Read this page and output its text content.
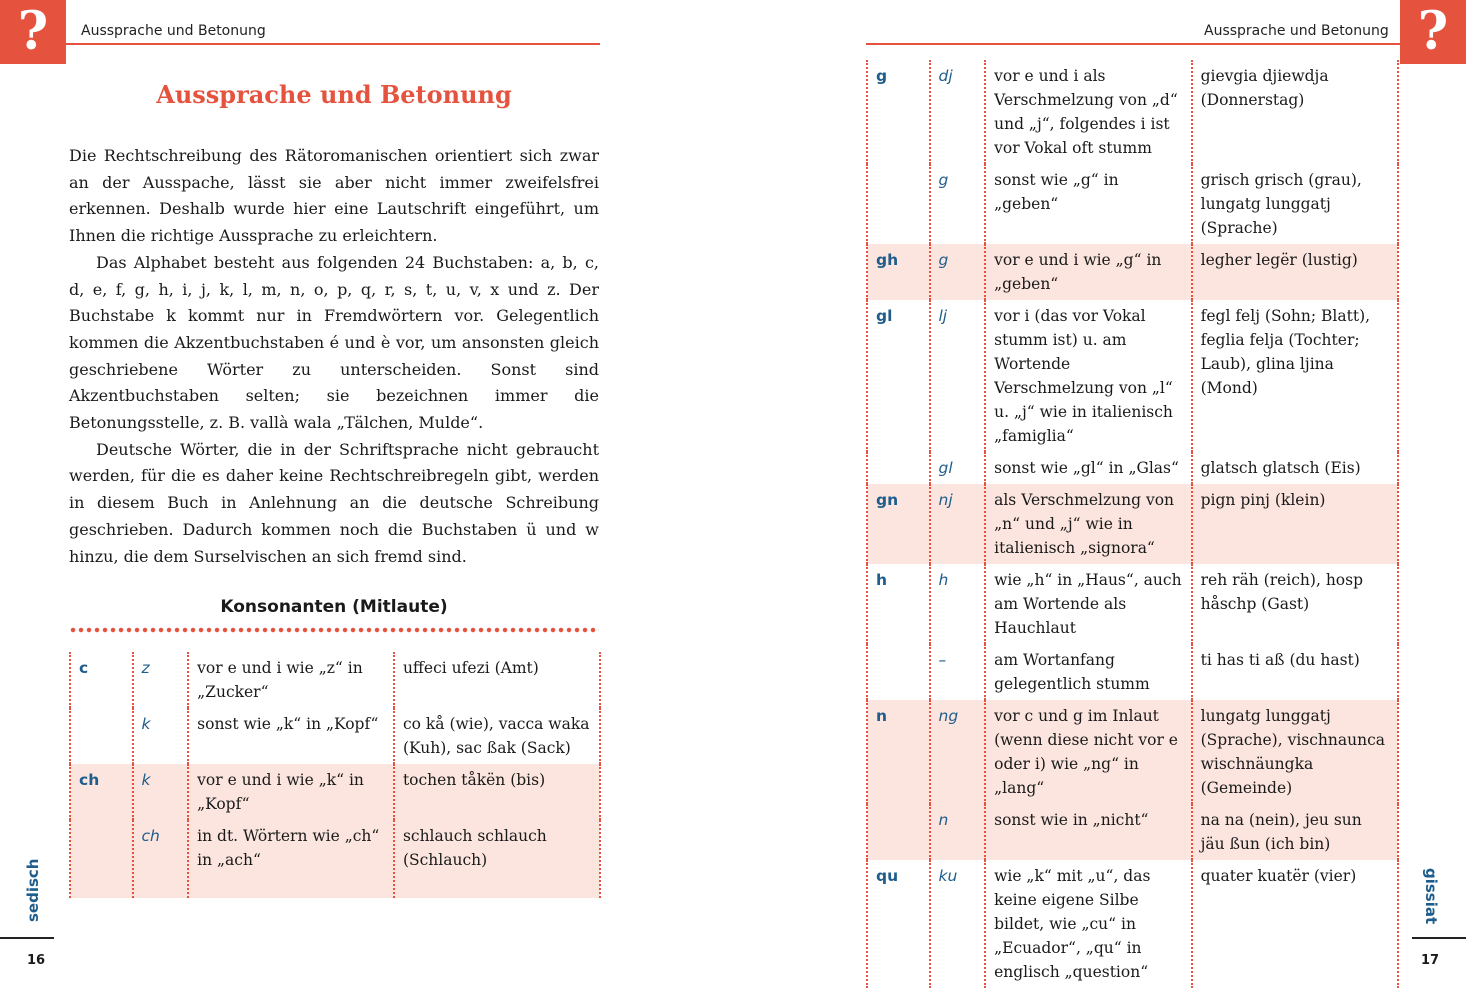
?	Aussprache und Betonung
Aussprache und Betonung

Die Rechtschreibung des Rätoromanischen orientiert sich zwar an der Ausspache, lässt sie aber nicht immer zweifelsfrei erkennen. Deshalb wurde hier eine Lautschrift eingeführt, um Ihnen die richtige Aussprache zu erleichtern.

Das Alphabet besteht aus folgenden 24 Buchstaben: a, b, c, d, e, f, g, h, i, j, k, l, m, n, o, p, q, r, s, t, u, v, x und z. Der Buchstabe k kommt nur in Fremdwörtern vor. Gelegentlich kommen die Akzentbuchstaben é und è vor, um ansonsten gleich geschriebene Wörter zu unterscheiden. Sonst sind Akzentbuchstaben selten; sie bezeichnen immer die Betonungsstelle, z. B. vallà wala „Tälchen, Mulde“.

Deutsche Wörter, die in der Schriftsprache nicht gebraucht werden, für die es daher keine Rechtschreibregeln gibt, werden in diesem Buch in Anlehnung an die deutsche Schreibung geschrieben. Dadurch kommen noch die Buchstaben ü und w hinzu, die dem Surselvischen an sich fremd sind.

Konsonanten (Mitlaute)
c	z	vor e und i wie „z“ in „Zucker“	uffeci ufezi (Amt)
	k	sonst wie „k“ in „Kopf“	co kå (wie), vacca waka (Kuh), sac ßak (Sack)
ch	k	vor e und i wie „k“ in „Kopf“	tochen tåkën (bis)
	ch	in dt. Wörtern wie „ch“ in „ach“	schlauch schlauch (Schlauch)
sedisch
16
?
Aussprache und Betonung
g	dj	vor e und i als Verschmelzung von „d“ und „j“, folgendes i ist vor Vokal oft stumm	gievgia djiewdja (Donnerstag)
	g	sonst wie „g“ in „geben“	grisch grisch (grau), lungatg lunggatj (Sprache)
gh	g	vor e und i wie „g“ in „geben“	legher legër (lustig)
gl	lj	vor i (das vor Vokal stumm ist) u. am Wortende Verschmelzung von „l“ u. „j“ wie in italienisch „famiglia“	fegl felj (Sohn; Blatt), feglia felja (Tochter; Laub), glina ljina (Mond)
	gl	sonst wie „gl“ in „Glas“	glatsch glatsch (Eis)
gn	nj	als Verschmelzung von „n“ und „j“ wie in italienisch „signora“	pign pinj (klein)
h	h	wie „h“ in „Haus“, auch am Wortende als Hauchlaut	reh räh (reich), hosp håschp (Gast)
	–	am Wortanfang gelegentlich stumm	ti has ti aß (du hast)
n	ng	vor c und g im Inlaut (wenn diese nicht vor e oder i) wie „ng“ in „lang“	lungatg lunggatj (Sprache), vischnaunca wischnäungka (Gemeinde)
	n	sonst wie in „nicht“	na na (nein), jeu sun jäu ßun (ich bin)
qu	ku	wie „k“ mit „u“, das keine eigene Silbe bildet, wie „cu“ in „Ecuador“, „qu“ in englisch „question“	quater kuatër (vier)	gissiat
17
